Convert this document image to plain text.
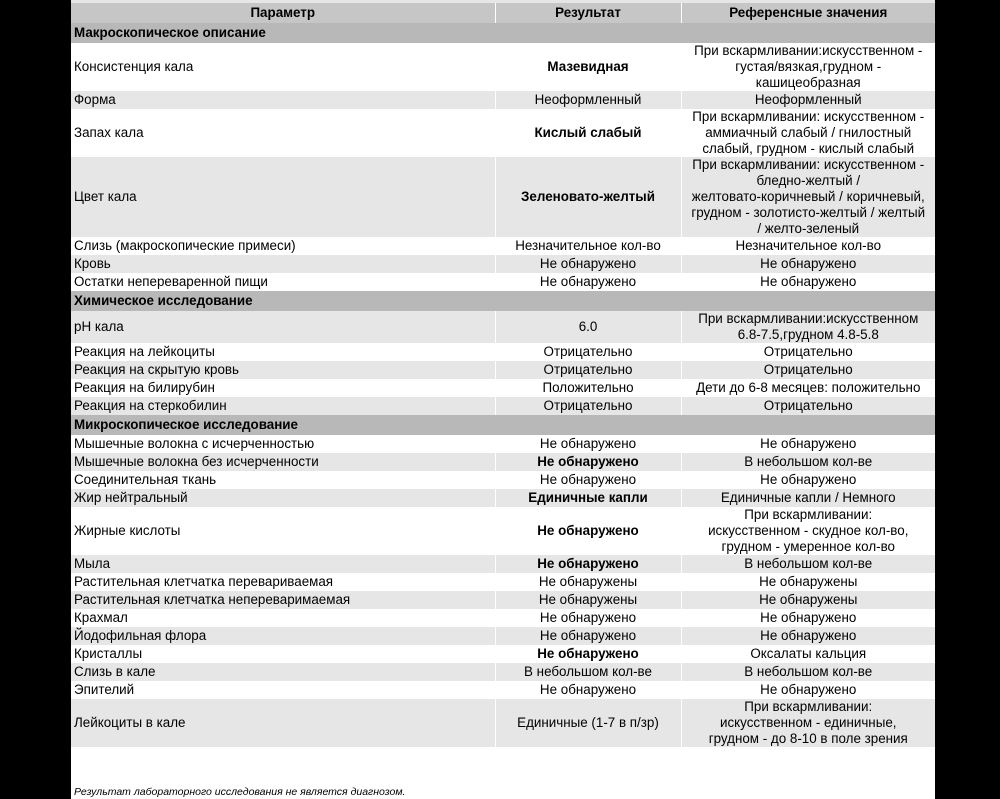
Параметр	Результат	Референсные значения
Макроскопическое описание		
Консистенция кала	Мазевидная	При вскармливании:искусственном -
густая/вязкая,грудном -
кашицеобразная

Форма	Неоформленный	Неоформленный

Запах кала	Кислый слабый	При вскармливании: искусственном -
аммиачный слабый / гнилостный
слабый, грудном - кислый слабый

Цвет кала	Зеленовато-желтый	При вскармливании: искусственном -
бледно-желтый /
желтовато-коричневый / коричневый,
грудном - золотисто-желтый / желтый
/ желто-зеленый

Слизь (макроскопические примеси)	Незначительное кол-во	Незначительное кол-во

Кровь	Не обнаружено	Не обнаружено

Остатки непереваренной пищи	Не обнаружено	Не обнаружено

Химическое исследование		
pH кала	6.0	При вскармливании:искусственном
6.8-7.5,грудном 4.8-5.8

Реакция на лейкоциты	Отрицательно	Отрицательно

Реакция на скрытую кровь	Отрицательно	Отрицательно

Реакция на билирубин	Положительно	Дети до 6-8 месяцев: положительно

Реакция на стеркобилин	Отрицательно	Отрицательно

Микроскопическое исследование		
Мышечные волокна с исчерченностью	Не обнаружено	Не обнаружено

Мышечные волокна без исчерченности	Не обнаружено	В небольшом кол-ве

Соединительная ткань	Не обнаружено	Не обнаружено

Жир нейтральный	Единичные капли	Единичные капли / Немного

Жирные кислоты	Не обнаружено	При вскармливании:
искусственном - скудное кол-во,
грудном - умеренное кол-во

Мыла	Не обнаружено	В небольшом кол-ве

Растительная клетчатка перевариваемая	Не обнаружены	Не обнаружены

Растительная клетчатка непереваримаемая	Не обнаружены	Не обнаружены

Крахмал	Не обнаружено	Не обнаружено

Йодофильная флора	Не обнаружено	Не обнаружено

Кристаллы	Не обнаружено	Оксалаты кальция

Слизь в кале	В небольшом кол-ве	В небольшом кол-ве

Эпителий	Не обнаружено	Не обнаружено

Лейкоциты в кале	Единичные (1-7 в п/зр)	При вскармливании:
искусственном - единичные,
грудном - до 8-10 в поле зрения
Результат лабораторного исследования не является диагнозом.
